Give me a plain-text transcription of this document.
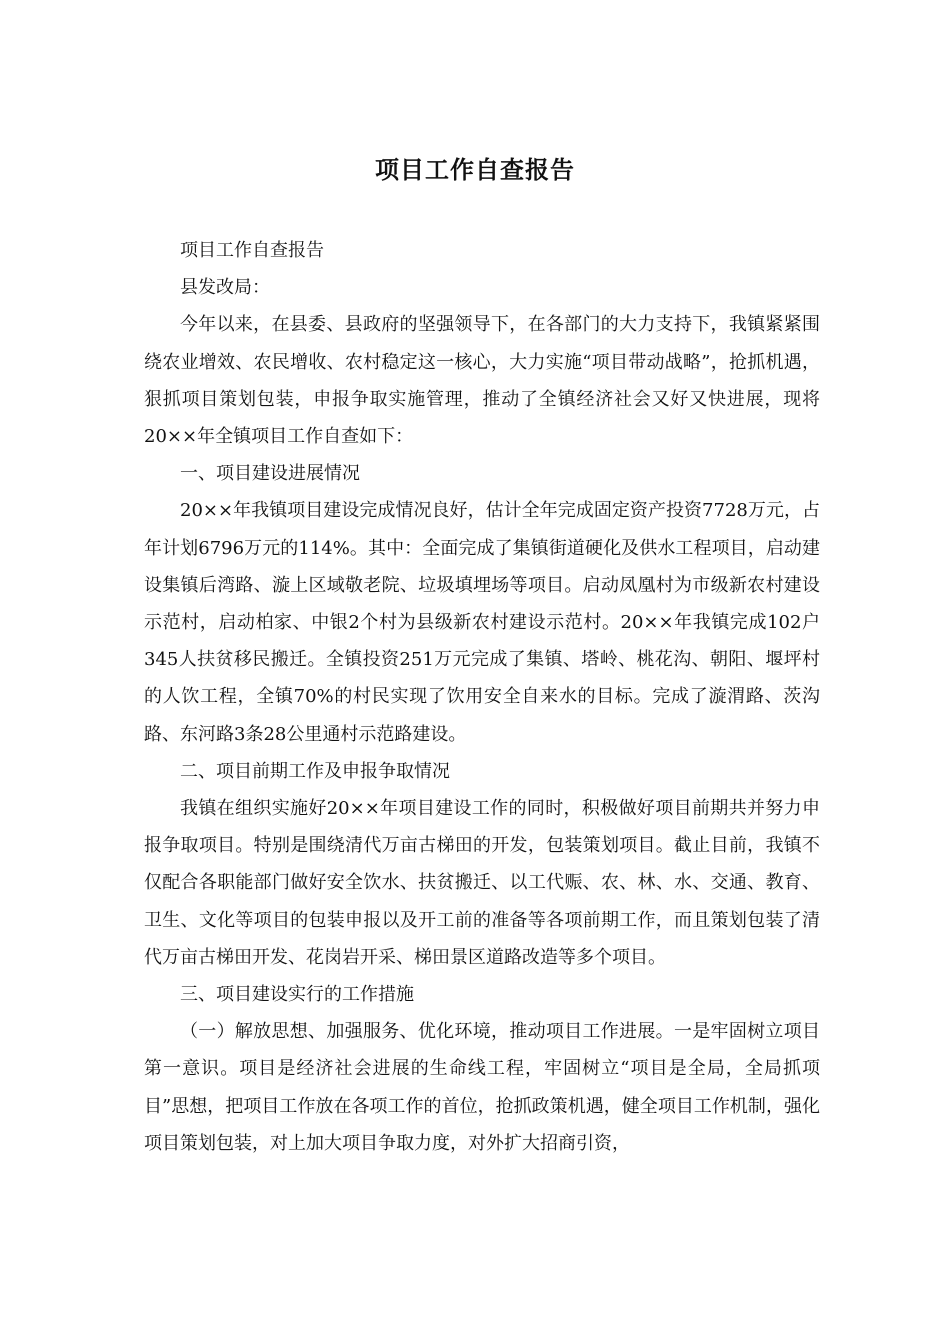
项目工作自查报告

项目工作自查报告

县发改局：

今年以来，在县委、县政府的坚强领导下，在各部门的大力支持下，我镇紧紧围绕农业增效、农民增收、农村稳定这一核心，大力实施“项目带动战略”，抢抓机遇，狠抓项目策划包装，申报争取实施管理，推动了全镇经济社会又好又快进展，现将20××年全镇项目工作自查如下：

一、项目建设进展情况

20××年我镇项目建设完成情况良好，估计全年完成固定资产投资7728万元，占年计划6796万元的114%。其中：全面完成了集镇街道硬化及供水工程项目，启动建设集镇后湾路、漩上区域敬老院、垃圾填埋场等项目。启动凤凰村为市级新农村建设示范村，启动柏家、中银2个村为县级新农村建设示范村。20××年我镇完成102户345人扶贫移民搬迁。全镇投资251万元完成了集镇、塔岭、桃花沟、朝阳、堰坪村的人饮工程，全镇70%的村民实现了饮用安全自来水的目标。完成了漩渭路、茨沟路、东河路3条28公里通村示范路建设。

二、项目前期工作及申报争取情况

我镇在组织实施好20××年项目建设工作的同时，积极做好项目前期共并努力申报争取项目。特别是围绕清代万亩古梯田的开发，包装策划项目。截止目前，我镇不仅配合各职能部门做好安全饮水、扶贫搬迁、以工代赈、农、林、水、交通、教育、卫生、文化等项目的包装申报以及开工前的准备等各项前期工作，而且策划包装了清代万亩古梯田开发、花岗岩开采、梯田景区道路改造等多个项目。

三、项目建设实行的工作措施

（一）解放思想、加强服务、优化环境，推动项目工作进展。一是牢固树立项目第一意识。项目是经济社会进展的生命线工程，牢固树立“项目是全局，全局抓项目”思想，把项目工作放在各项工作的首位，抢抓政策机遇，健全项目工作机制，强化项目策划包装，对上加大项目争取力度，对外扩大招商引资，
